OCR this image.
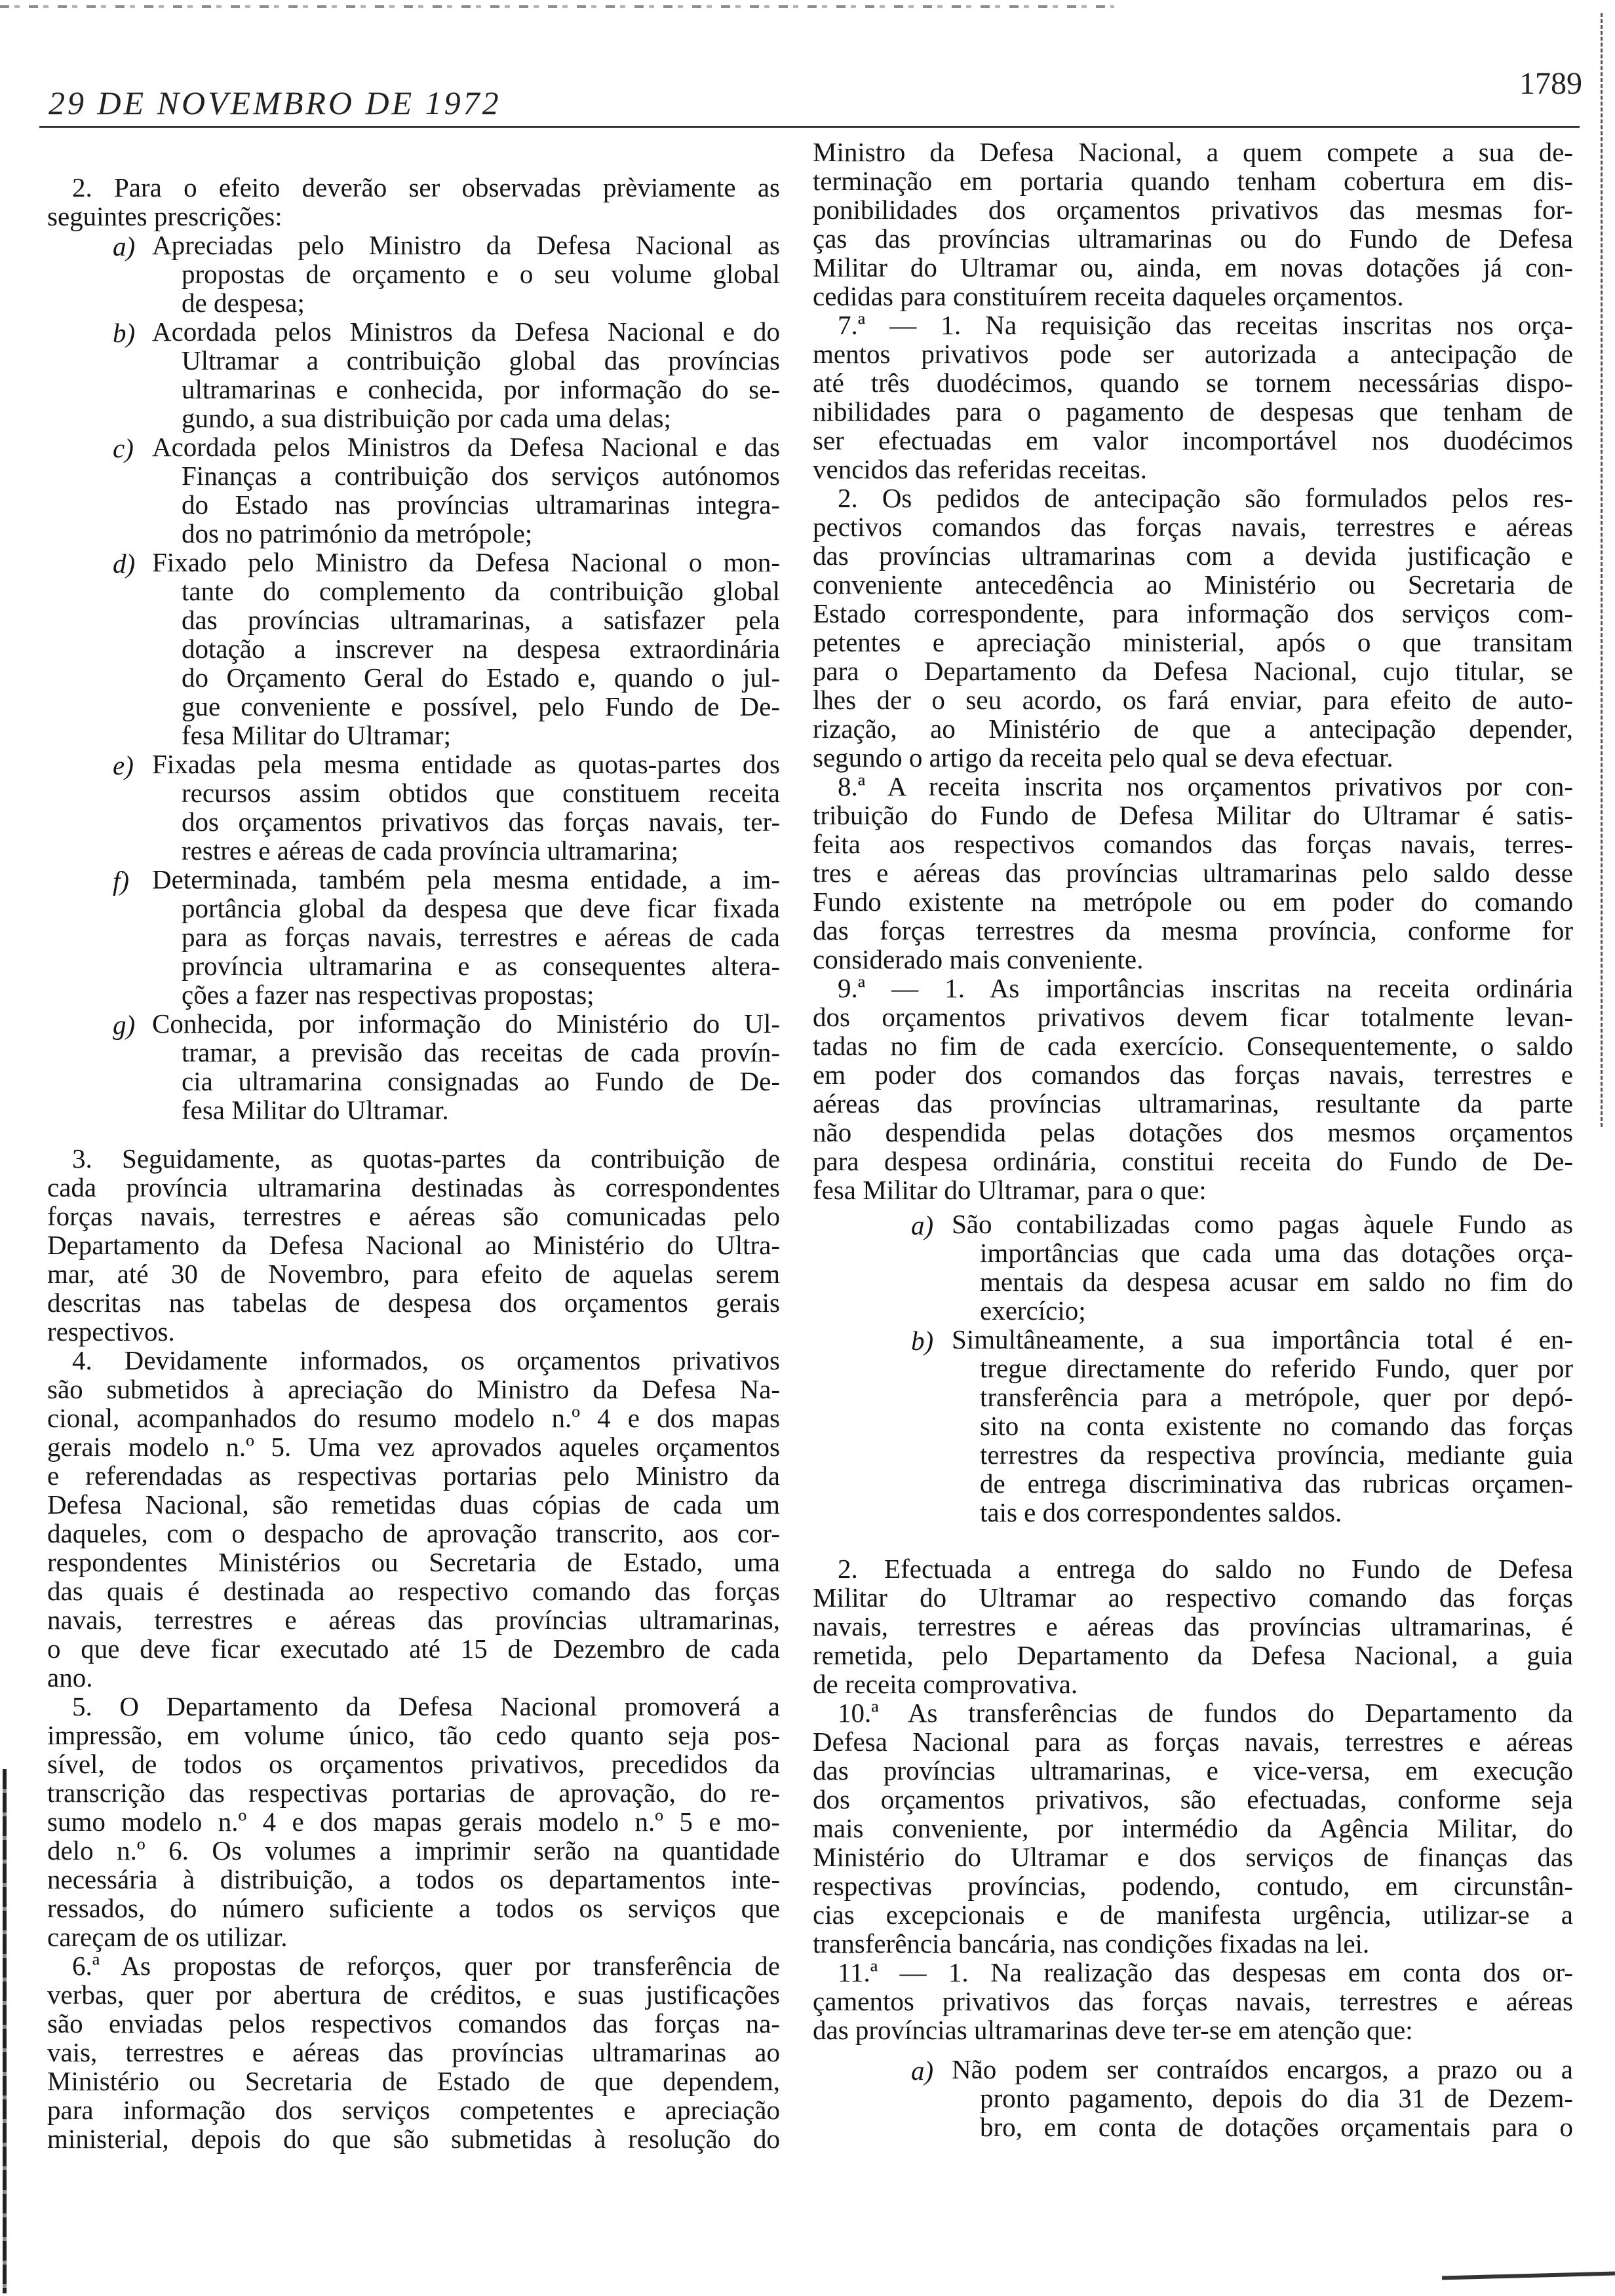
29 DE NOVEMBRO DE 1972
1789
2. Para o efeito deverão ser observadas prèviamente as
seguintes prescrições:
a) Apreciadas pelo Ministro da Defesa Nacional as
propostas de orçamento e o seu volume global
de despesa;
b) Acordada pelos Ministros da Defesa Nacional e do
Ultramar a contribuição global das províncias
ultramarinas e conhecida, por informação do se-
gundo, a sua distribuição por cada uma delas;
c) Acordada pelos Ministros da Defesa Nacional e das
Finanças a contribuição dos serviços autónomos
do Estado nas províncias ultramarinas integra-
dos no património da metrópole;
d) Fixado pelo Ministro da Defesa Nacional o mon-
tante do complemento da contribuição global
das províncias ultramarinas, a satisfazer pela
dotação a inscrever na despesa extraordinária
do Orçamento Geral do Estado e, quando o jul-
gue conveniente e possível, pelo Fundo de De-
fesa Militar do Ultramar;
e) Fixadas pela mesma entidade as quotas-partes dos
recursos assim obtidos que constituem receita
dos orçamentos privativos das forças navais, ter-
restres e aéreas de cada província ultramarina;
f) Determinada, também pela mesma entidade, a im-
portância global da despesa que deve ficar fixada
para as forças navais, terrestres e aéreas de cada
província ultramarina e as consequentes altera-
ções a fazer nas respectivas propostas;
g) Conhecida, por informação do Ministério do Ul-
tramar, a previsão das receitas de cada provín-
cia ultramarina consignadas ao Fundo de De-
fesa Militar do Ultramar.
3. Seguidamente, as quotas-partes da contribuição de
cada província ultramarina destinadas às correspondentes
forças navais, terrestres e aéreas são comunicadas pelo
Departamento da Defesa Nacional ao Ministério do Ultra-
mar, até 30 de Novembro, para efeito de aquelas serem
descritas nas tabelas de despesa dos orçamentos gerais
respectivos.
4. Devidamente informados, os orçamentos privativos
são submetidos à apreciação do Ministro da Defesa Na-
cional, acompanhados do resumo modelo n.º 4 e dos mapas
gerais modelo n.º 5. Uma vez aprovados aqueles orçamentos
e referendadas as respectivas portarias pelo Ministro da
Defesa Nacional, são remetidas duas cópias de cada um
daqueles, com o despacho de aprovação transcrito, aos cor-
respondentes Ministérios ou Secretaria de Estado, uma
das quais é destinada ao respectivo comando das forças
navais, terrestres e aéreas das províncias ultramarinas,
o que deve ficar executado até 15 de Dezembro de cada
ano.
5. O Departamento da Defesa Nacional promoverá a
impressão, em volume único, tão cedo quanto seja pos-
sível, de todos os orçamentos privativos, precedidos da
transcrição das respectivas portarias de aprovação, do re-
sumo modelo n.º 4 e dos mapas gerais modelo n.º 5 e mo-
delo n.º 6. Os volumes a imprimir serão na quantidade
necessária à distribuição, a todos os departamentos inte-
ressados, do número suficiente a todos os serviços que
careçam de os utilizar.
6.ª As propostas de reforços, quer por transferência de
verbas, quer por abertura de créditos, e suas justificações
são enviadas pelos respectivos comandos das forças na-
vais, terrestres e aéreas das províncias ultramarinas ao
Ministério ou Secretaria de Estado de que dependem,
para informação dos serviços competentes e apreciação
ministerial, depois do que são submetidas à resolução do
Ministro da Defesa Nacional, a quem compete a sua de-
terminação em portaria quando tenham cobertura em dis-
ponibilidades dos orçamentos privativos das mesmas for-
ças das províncias ultramarinas ou do Fundo de Defesa
Militar do Ultramar ou, ainda, em novas dotações já con-
cedidas para constituírem receita daqueles orçamentos.
7.ª — 1. Na requisição das receitas inscritas nos orça-
mentos privativos pode ser autorizada a antecipação de
até três duodécimos, quando se tornem necessárias dispo-
nibilidades para o pagamento de despesas que tenham de
ser efectuadas em valor incomportável nos duodécimos
vencidos das referidas receitas.
2. Os pedidos de antecipação são formulados pelos res-
pectivos comandos das forças navais, terrestres e aéreas
das províncias ultramarinas com a devida justificação e
conveniente antecedência ao Ministério ou Secretaria de
Estado correspondente, para informação dos serviços com-
petentes e apreciação ministerial, após o que transitam
para o Departamento da Defesa Nacional, cujo titular, se
lhes der o seu acordo, os fará enviar, para efeito de auto-
rização, ao Ministério de que a antecipação depender,
segundo o artigo da receita pelo qual se deva efectuar.
8.ª A receita inscrita nos orçamentos privativos por con-
tribuição do Fundo de Defesa Militar do Ultramar é satis-
feita aos respectivos comandos das forças navais, terres-
tres e aéreas das províncias ultramarinas pelo saldo desse
Fundo existente na metrópole ou em poder do comando
das forças terrestres da mesma província, conforme for
considerado mais conveniente.
9.ª — 1. As importâncias inscritas na receita ordinária
dos orçamentos privativos devem ficar totalmente levan-
tadas no fim de cada exercício. Consequentemente, o saldo
em poder dos comandos das forças navais, terrestres e
aéreas das províncias ultramarinas, resultante da parte
não despendida pelas dotações dos mesmos orçamentos
para despesa ordinária, constitui receita do Fundo de De-
fesa Militar do Ultramar, para o que:
a) São contabilizadas como pagas àquele Fundo as
importâncias que cada uma das dotações orça-
mentais da despesa acusar em saldo no fim do
exercício;
b) Simultâneamente, a sua importância total é en-
tregue directamente do referido Fundo, quer por
transferência para a metrópole, quer por depó-
sito na conta existente no comando das forças
terrestres da respectiva província, mediante guia
de entrega discriminativa das rubricas orçamen-
tais e dos correspondentes saldos.
2. Efectuada a entrega do saldo no Fundo de Defesa
Militar do Ultramar ao respectivo comando das forças
navais, terrestres e aéreas das províncias ultramarinas, é
remetida, pelo Departamento da Defesa Nacional, a guia
de receita comprovativa.
10.ª As transferências de fundos do Departamento da
Defesa Nacional para as forças navais, terrestres e aéreas
das províncias ultramarinas, e vice-versa, em execução
dos orçamentos privativos, são efectuadas, conforme seja
mais conveniente, por intermédio da Agência Militar, do
Ministério do Ultramar e dos serviços de finanças das
respectivas províncias, podendo, contudo, em circunstân-
cias excepcionais e de manifesta urgência, utilizar-se a
transferência bancária, nas condições fixadas na lei.
11.ª — 1. Na realização das despesas em conta dos or-
çamentos privativos das forças navais, terrestres e aéreas
das províncias ultramarinas deve ter-se em atenção que:
a) Não podem ser contraídos encargos, a prazo ou a
pronto pagamento, depois do dia 31 de Dezem-
bro, em conta de dotações orçamentais para o
